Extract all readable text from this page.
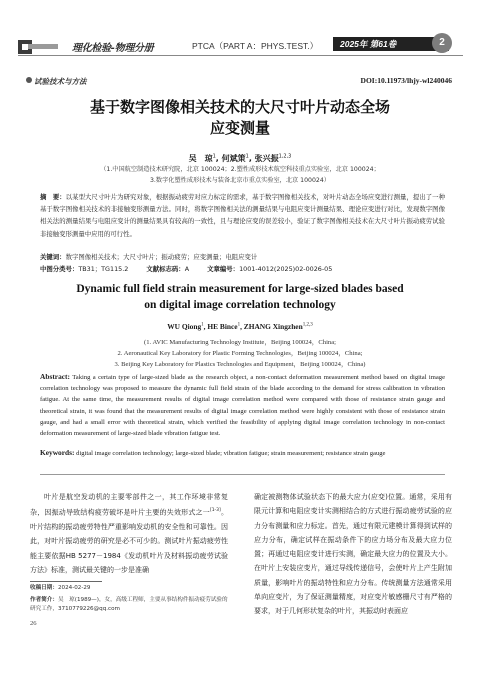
理化检验-物理分册	PTCA（PART A：PHYS.TEST.）	2025年 第61卷	2
试验技术与方法	DOI:10.11973/lhjy-wl240046
基于数字图像相关技术的大尺寸叶片动态全场
应变测量
吴　琼$^1$, 何斌策$^1$, 张兴振$^{1,2,3}$
（1.中国航空制造技术研究院，北京 100024；2.塑性成形技术航空科技重点实验室，北京 100024；
3.数字化塑性成形技术与装备北京市重点实验室，北京 100024）
摘　要：以某型大尺寸叶片为研究对象，根据振动疲劳对应力标定的需求，基于数字图像相关技术，对叶片动态全场应变进行测量，提出了一种基于数字图像相关技术的非接触变形测量方法。同时，将数字图像相关法的测量结果与电阻应变计测量结果、理论应变进行对比，发现数字图像相关法的测量结果与电阻应变计的测量结果具有较高的一致性，且与理论应变的误差较小，验证了数字图像相关技术在大尺寸叶片振动疲劳试验非接触变形测量中应用的可行性。
关键词：数字图像相关技术；大尺寸叶片；振动疲劳；应变测量；电阻应变计
中图分类号：TB31；TG115.2	文献标志码：A	文章编号：1001-4012(2025)02-0026-05
Dynamic full field strain measurement for large-sized blades based
on digital image correlation technology
WU Qiong$^1$, HE Bince$^1$, ZHANG Xingzhen$^{1,2,3}$
(1. AVIC Manufacturing Technology Institute，Beijing 100024，China;
2. Aeronautical Key Laboratory for Plastic Forming Technologies，Beijing 100024，China;
3. Beijing Key Laboratory for Plastics Technologies and Equipment，Beijing 100024，China)
Abstract: Taking a certain type of large-sized blade as the research object, a non-contact deformation measurement method based on digital image correlation technology was proposed to measure the dynamic full field strain of the blade according to the demand for stress calibration in vibration fatigue. At the same time, the measurement results of digital image correlation method were compared with those of resistance strain gauge and theoretical strain, it was found that the measurement results of digital image correlation method were highly consistent with those of resistance strain gauge, and had a small error with theoretical strain, which verified the feasibility of applying digital image correlation technology in non-contact deformation measurement of large-sized blade vibration fatigue test.
Keywords: digital image correlation technology; large-sized blade; vibration fatigue; strain measurement; resistance strain gauge

叶片是航空发动机的主要零部件之一，其工作环境非常复杂，因振动导致结构疲劳破坏是叶片主要的失效形式之一[1-3]。叶片结构的振动疲劳特性严重影响发动机的安全性和可靠性。因此，对叶片振动疲劳的研究是必不可少的。测试叶片振动疲劳性能主要依据HB 5277－1984《发动机叶片及材料振动疲劳试验方法》标准，测试最关键的一步是准确

确定被测物体试验状态下的最大应力(应变)位置。通常，采用有限元计算和电阻应变计实测相结合的方式进行振动疲劳试验的应力分布测量和应力标定。首先，通过有限元建模计算得到试样的应力分布，确定试样在振动条件下的应力场分布及最大应力位置；再通过电阻应变计进行实测，确定最大应力的位置及大小。在叶片上安装应变片，通过导线传递信号，会使叶片上产生附加质量，影响叶片的振动特性和应力分布。传统测量方法通常采用单向应变片，为了保证测量精度，对应变片敏感栅尺寸有严格的要求，对于几何形状复杂的叶片，其振动时表面应

收稿日期：2024-02-29
作者简介：吴　琼(1989—)，女，高级工程师，主要从事结构件振动疲劳试验的研究工作，3710779226@qq.com
26
